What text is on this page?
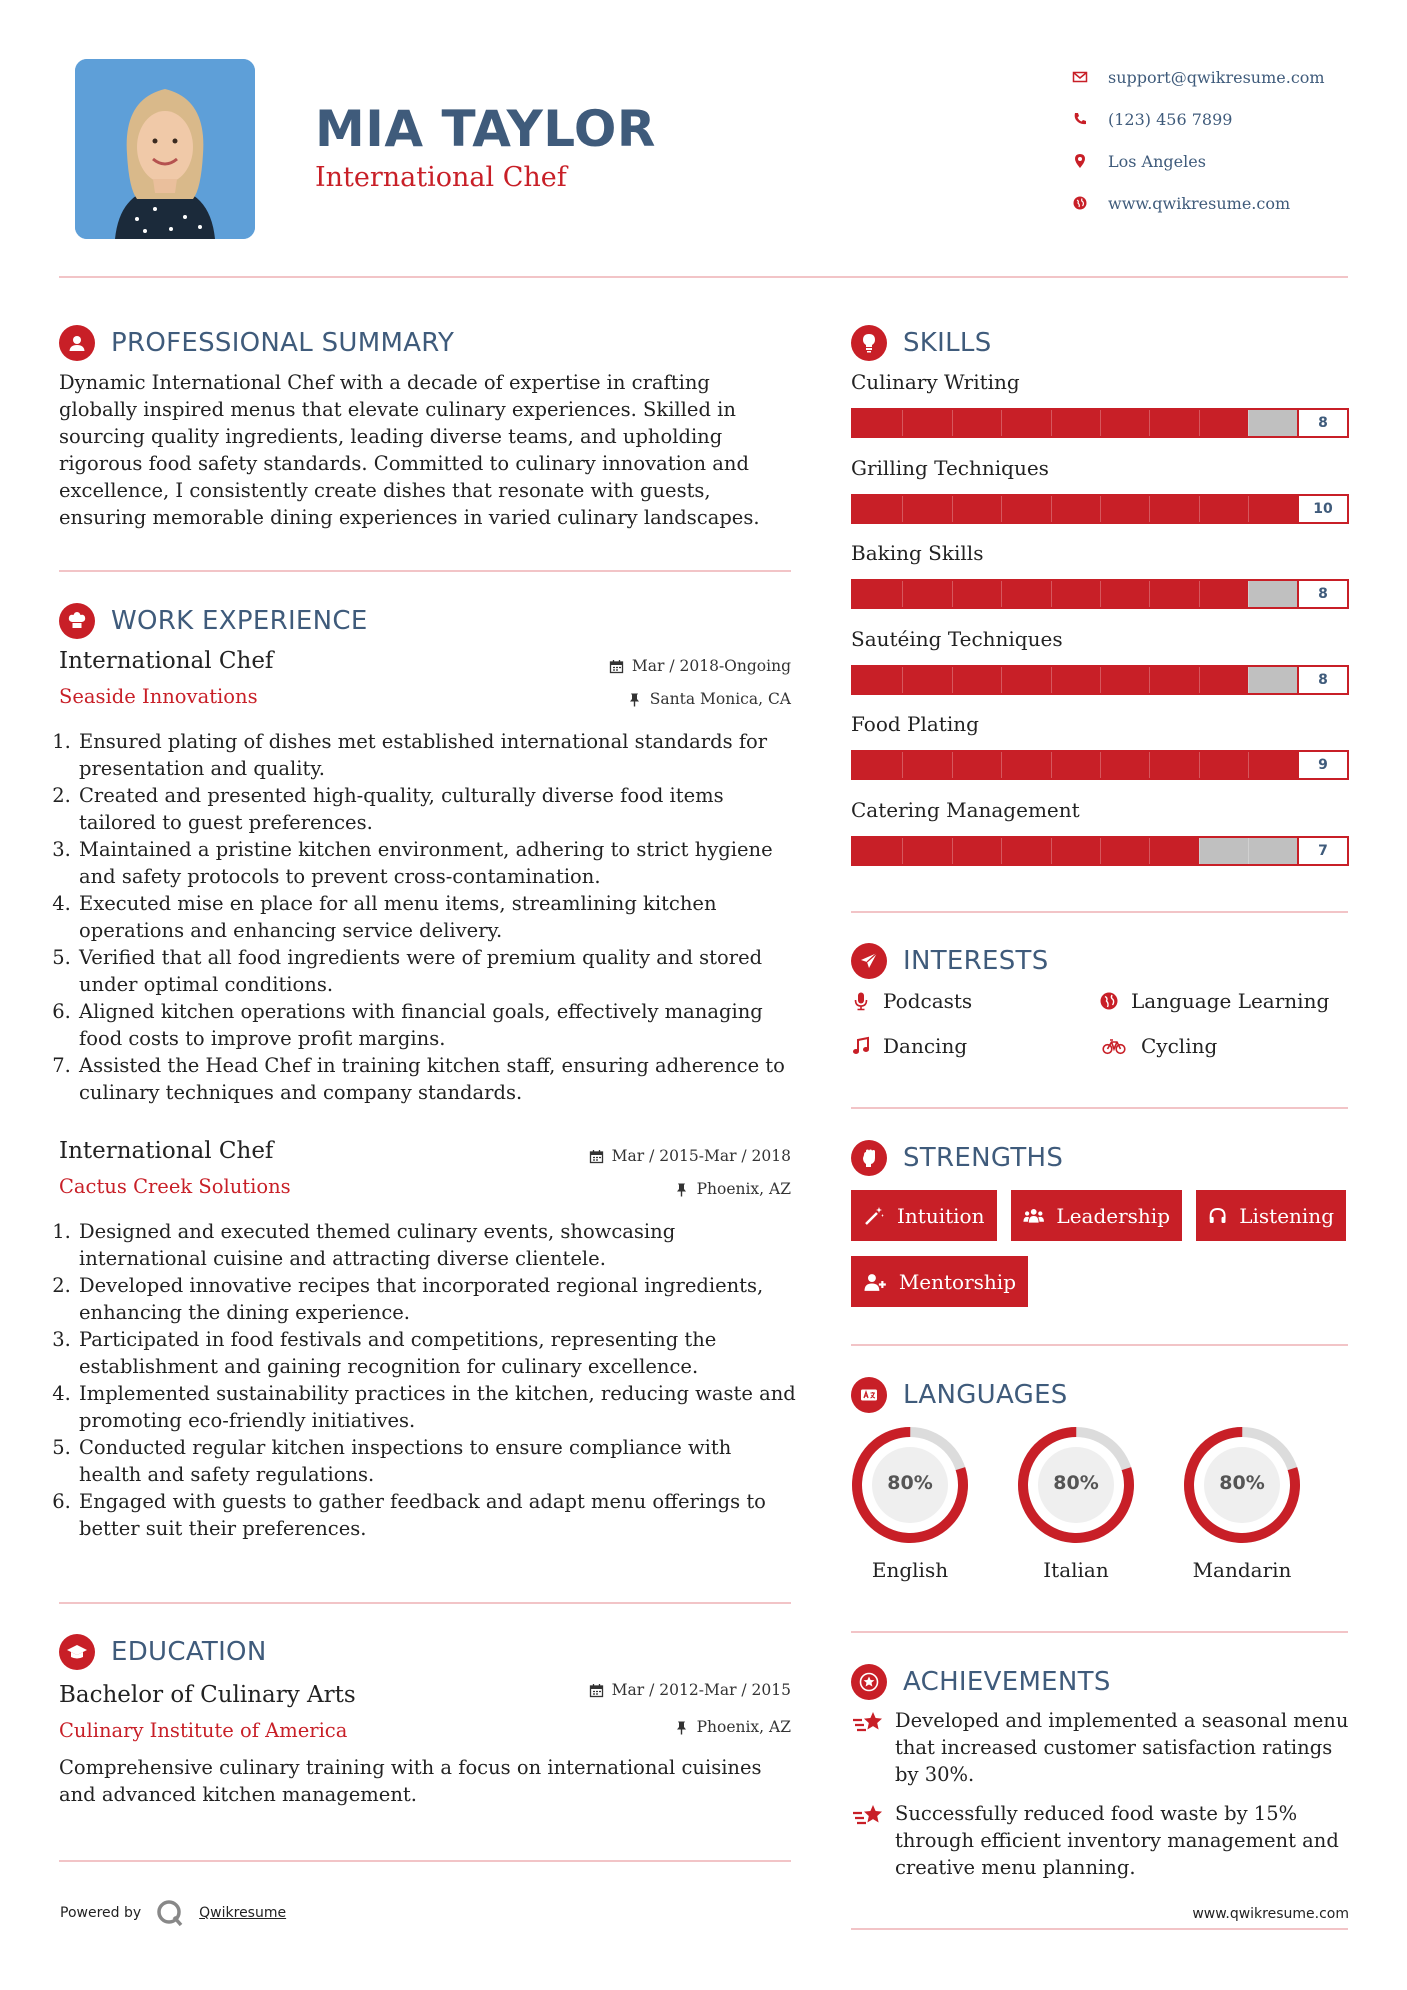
MIA TAYLOR
International Chef
support@qwikresume.com
(123) 456 7899
Los Angeles
www.qwikresume.com
PROFESSIONAL SUMMARY
Dynamic International Chef with a decade of expertise in crafting globally inspired menus that elevate culinary experiences. Skilled in sourcing quality ingredients, leading diverse teams, and upholding rigorous food safety standards. Committed to culinary innovation and excellence, I consistently create dishes that resonate with guests, ensuring memorable dining experiences in varied culinary landscapes.
WORK EXPERIENCE
International Chef	Mar / 2018-Ongoing
Seaside Innovations	Santa Monica, CA
1. Ensured plating of dishes met established international standards for presentation and quality.
2. Created and presented high-quality, culturally diverse food items tailored to guest preferences.
3. Maintained a pristine kitchen environment, adhering to strict hygiene and safety protocols to prevent cross-contamination.
4. Executed mise en place for all menu items, streamlining kitchen operations and enhancing service delivery.
5. Verified that all food ingredients were of premium quality and stored under optimal conditions.
6. Aligned kitchen operations with financial goals, effectively managing food costs to improve profit margins.
7. Assisted the Head Chef in training kitchen staff, ensuring adherence to culinary techniques and company standards.
International Chef	Mar / 2015-Mar / 2018
Cactus Creek Solutions	Phoenix, AZ
1. Designed and executed themed culinary events, showcasing international cuisine and attracting diverse clientele.
2. Developed innovative recipes that incorporated regional ingredients, enhancing the dining experience.
3. Participated in food festivals and competitions, representing the establishment and gaining recognition for culinary excellence.
4. Implemented sustainability practices in the kitchen, reducing waste and promoting eco-friendly initiatives.
5. Conducted regular kitchen inspections to ensure compliance with health and safety regulations.
6. Engaged with guests to gather feedback and adapt menu offerings to better suit their preferences.
EDUCATION
Bachelor of Culinary Arts	Mar / 2012-Mar / 2015
Culinary Institute of America	Phoenix, AZ
Comprehensive culinary training with a focus on international cuisines and advanced kitchen management.
SKILLS
Culinary Writing
8
Grilling Techniques
10
Baking Skills
8
Sautéing Techniques
8
Food Plating
9
Catering Management
7
INTERESTS
Podcasts	Language Learning
Dancing	Cycling
STRENGTHS
Intuition	Leadership	Listening
Mentorship
LANGUAGES
80%
English
80%
Italian
80%
Mandarin
ACHIEVEMENTS
Developed and implemented a seasonal menu that increased customer satisfaction ratings by 30%.
Successfully reduced food waste by 15% through efficient inventory management and creative menu planning.
Powered by	Qwikresume	www.qwikresume.com
